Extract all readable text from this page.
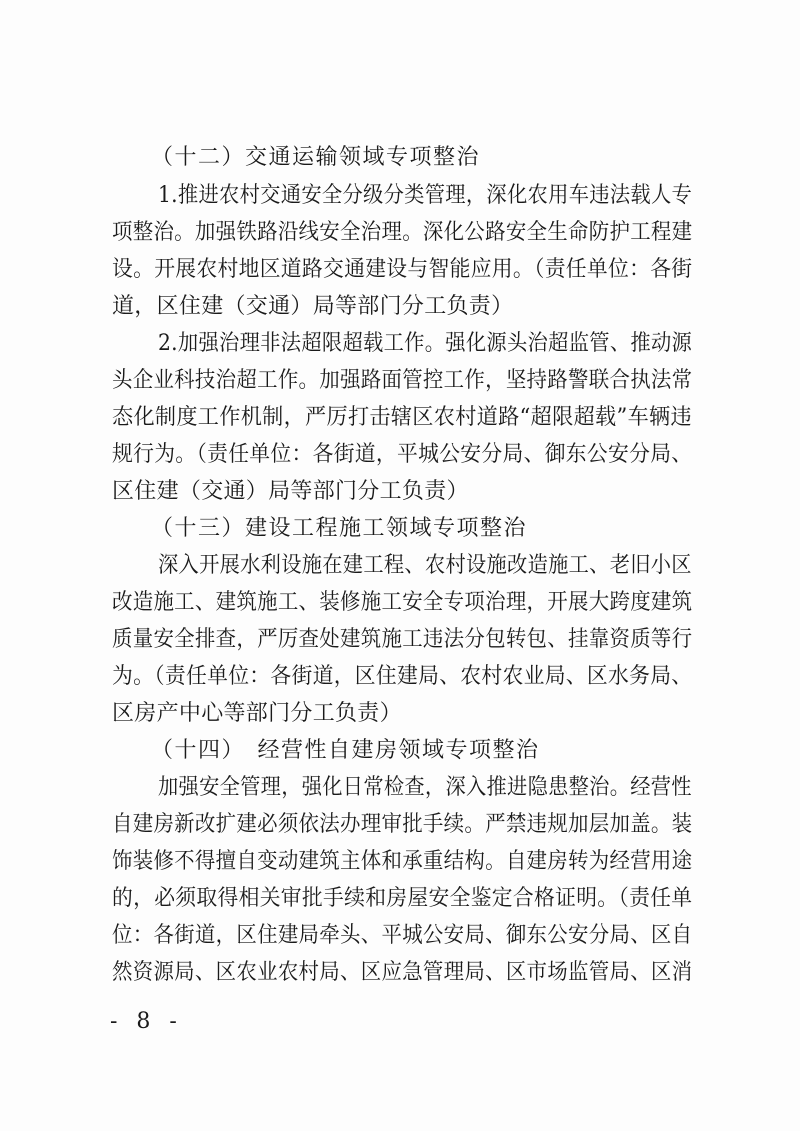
（十二）交通运输领域专项整治
1.推进农村交通安全分级分类管理，深化农用车违法载人专
项整治。加强铁路沿线安全治理。深化公路安全生命防护工程建
设。开展农村地区道路交通建设与智能应用。（责任单位：各街
道，区住建（交通）局等部门分工负责）
2.加强治理非法超限超载工作。强化源头治超监管、推动源
头企业科技治超工作。加强路面管控工作，坚持路警联合执法常
态化制度工作机制，严厉打击辖区农村道路“超限超载”车辆违
规行为。（责任单位：各街道，平城公安分局、御东公安分局、
区住建（交通）局等部门分工负责）
（十三）建设工程施工领域专项整治
深入开展水利设施在建工程、农村设施改造施工、老旧小区
改造施工、建筑施工、装修施工安全专项治理，开展大跨度建筑
质量安全排查，严厉查处建筑施工违法分包转包、挂靠资质等行
为。（责任单位：各街道，区住建局、农村农业局、区水务局、
区房产中心等部门分工负责）
（十四）　经营性自建房领域专项整治
加强安全管理，强化日常检查，深入推进隐患整治。经营性
自建房新改扩建必须依法办理审批手续。严禁违规加层加盖。装
饰装修不得擅自变动建筑主体和承重结构。自建房转为经营用途
的，必须取得相关审批手续和房屋安全鉴定合格证明。（责任单
位：各街道，区住建局牵头、平城公安局、御东公安分局、区自
然资源局、区农业农村局、区应急管理局、区市场监管局、区消
- 8 -
